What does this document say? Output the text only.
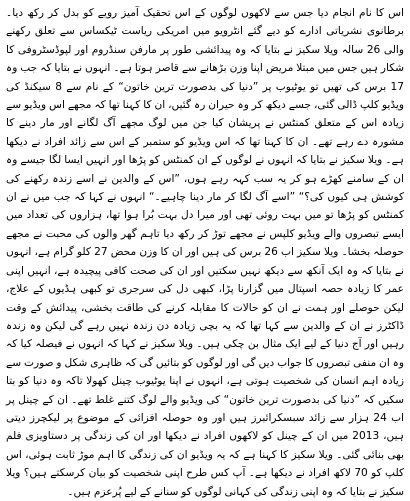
اس کا نام انجام دیا جس سے لاکھوں لوگوں کے اس تحقیک آمیز رویے کو بدل کر رکھ دیا۔ برطانوی نشریاتی ادارے کو دیے گئے انٹرویو میں امریکی ریاست ٹیکساس سے تعلق رکھنے والی 26 سالہ ویلا سکیز نے بتایا کہ وہ پیدائشی طور پر مارفن سنڈروم اور لپوڈسٹروفی کا شکار ہیں جس میں مبتلا مریض اپنا وزن بڑھانے سے قاصر ہوتا ہے۔ انہوں نے بتایا کہ جب وہ 17 برس کی تھیں تو یوٹیوب پر ”دنیا کی بدصورت ترین خاتون“ کے نام سے 8 سیکنڈ کی ویڈیو کلپ ڈالی گئی، جسے دیکھ کر وہ حیران رہ گئیں، ان کا کہنا تھا کہ مجھے اس ویڈیو سے زیادہ اس کے متعلق کمنٹس نے پریشان کیا جن میں لوگ مجھے آگ لگانے اور مار دینے کا مشورہ دے رہے تھے۔ ان کا کہنا تھا کہ اس ویڈیو کو ستمبر کے اس سے زائد افراد نے دیکھا ہے۔ ویلا سکیز نے بتایا کہ انہوں نے لوگوں کے ان کمنٹس کو پڑھا اور انہیں ایسا لگا جیسے وہ ان کے سامنے کھڑے ہو کر یہ سب کہہ رہے ہوں، ”اس کے والدین نے اسے زندہ رکھنے کی کوشش ہی کیوں کی؟“ ”اسے آگ لگا کر مار دینا چاہیے۔“ انہوں نے کہا کہ جب میں نے ان کمنٹس کو پڑھا تو میں بہت روئی تھی اور میرا دل بہت بُرا ہوا تھا، ہزاروں کی تعداد میں ایسے تبصروں والے ویڈیو کلپس نے مجھے توڑ کر رکھ دیا تاہم گھر والوں کی محبت نے مجھے حوصلہ بخشا۔ ویلا سکیز اب 26 برس کی ہیں اور ان کا وزن محض 27 کلو گرام ہے، انہوں نے بتایا کہ وہ ایک آنکھ سے دیکھ نہیں سکتیں اور ان کی صحت کافی پیچیدہ ہے، انہیں اپنی عمر کا زیادہ حصہ اسپتال میں گزارنا پڑا، کبھی دل کی سرجری تو کبھی ہڈیوں کے علاج، لیکن حوصلے اور ہمت نے ان کو حالات کا مقابلہ کرنے کی طاقت بخشی، پیدائش کے وقت ڈاکٹرز نے ان کے والدین سے کہا تھا کہ یہ بچی زیادہ دن زندہ نہیں رہے گی لیکن وہ زندہ رہیں اور آج دنیا کے لیے ایک مثال بن چکی ہیں۔ ویلا سکیز نے کہا کہ انہوں نے فیصلہ کیا کہ وہ ان منفی تبصروں کا جواب دیں گی اور لوگوں کو بتائیں گی کہ ظاہری شکل و صورت سے زیادہ اہم انسان کی شخصیت ہوتی ہے، انہوں نے اپنا یوٹیوب چینل کھولا تاکہ وہ دنیا کو بتا سکیں کہ ”دنیا کی بدصورت ترین خاتون“ کی ویڈیو والے لوگ کتنے غلط تھے۔ ان کے چینل پر اب 24 ہزار سے زائد سبسکرائبرز ہیں اور وہ حوصلہ افزائی کے موضوع پر لیکچرز دیتی ہیں، 2013 میں ان کے چینل کو لاکھوں افراد نے دیکھا اور ان کی زندگی پر دستاویزی فلم بھی بنائی گئی۔ ویلا سکیز کا کہنا ہے کہ یہ ویڈیو ان کی زندگی کا اہم موڑ ثابت ہوئی، اس کلپ کو 70 لاکھ افراد نے دیکھا ہے۔ آپ کس طرح اپنی شخصیت کو بیان کرسکتے ہیں؟ ویلا سکیز نے بتایا کہ وہ اپنی زندگی کی کہانی لوگوں کو سنانے کے لیے پُرعزم ہیں۔
